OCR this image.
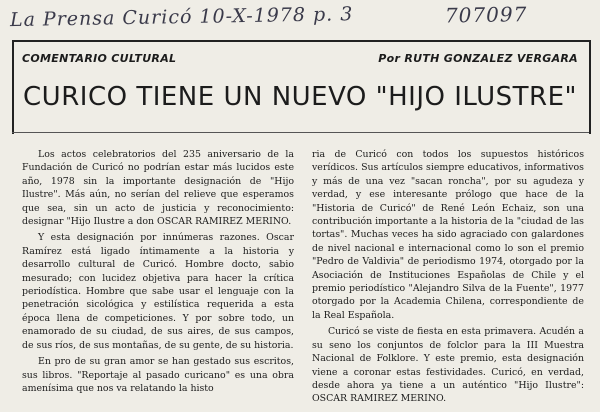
La Prensa Curicó 10-X-1978 p. 3	707097
COMENTARIO CULTURAL	Por RUTH GONZALEZ VERGARA
CURICO TIENE UN NUEVO "HIJO ILUSTRE"

Los actos celebratorios del 235 aniversario de la Fundación de Curicó no podrían estar más lucidos este año, 1978 sin la importante designación de "Hijo Ilustre". Más aún, no serían del relieve que esperamos que sea, sin un acto de justicia y reconocimiento: designar "Hijo Ilustre a don OSCAR RAMIREZ MERINO.

Y esta designación por innúmeras razones. Oscar Ramírez está ligado íntimamente a la historia y desarrollo cultural de Curicó. Hombre docto, sabio mesurado; con lucidez objetiva para hacer la crítica periodística. Hombre que sabe usar el lenguaje con la penetración sicológica y estilística requerida a esta época llena de competiciones. Y por sobre todo, un enamorado de su ciudad, de sus aires, de sus campos, de sus ríos, de sus montañas, de su gente, de su historia.

En pro de su gran amor se han gestado sus escritos, sus libros. "Reportaje al pasado curicano" es una obra amenísima que nos va relatando la histo

ria de Curicó con todos los supuestos históricos verídicos. Sus artículos siempre educativos, informativos y más de una vez "sacan roncha", por su agudeza y verdad, y ese interesante prólogo que hace de la "Historia de Curicó" de René León Echaiz, son una contribución importante a la historia de la "ciudad de las tortas". Muchas veces ha sido agraciado con galardones de nivel nacional e internacional como lo son el premio "Pedro de Valdivia" de periodismo 1974, otorgado por la Asociación de Instituciones Españolas de Chile y el premio periodístico "Alejandro Silva de la Fuente", 1977 otorgado por la Academia Chilena, correspondiente de la Real Española.

Curicó se viste de fiesta en esta primavera. Acudén a su seno los conjuntos de folclor para la III Muestra Nacional de Folklore. Y este premio, esta designación viene a coronar estas festividades. Curicó, en verdad, desde ahora ya tiene a un auténtico "Hijo Ilustre": OSCAR RAMIREZ MERINO.
